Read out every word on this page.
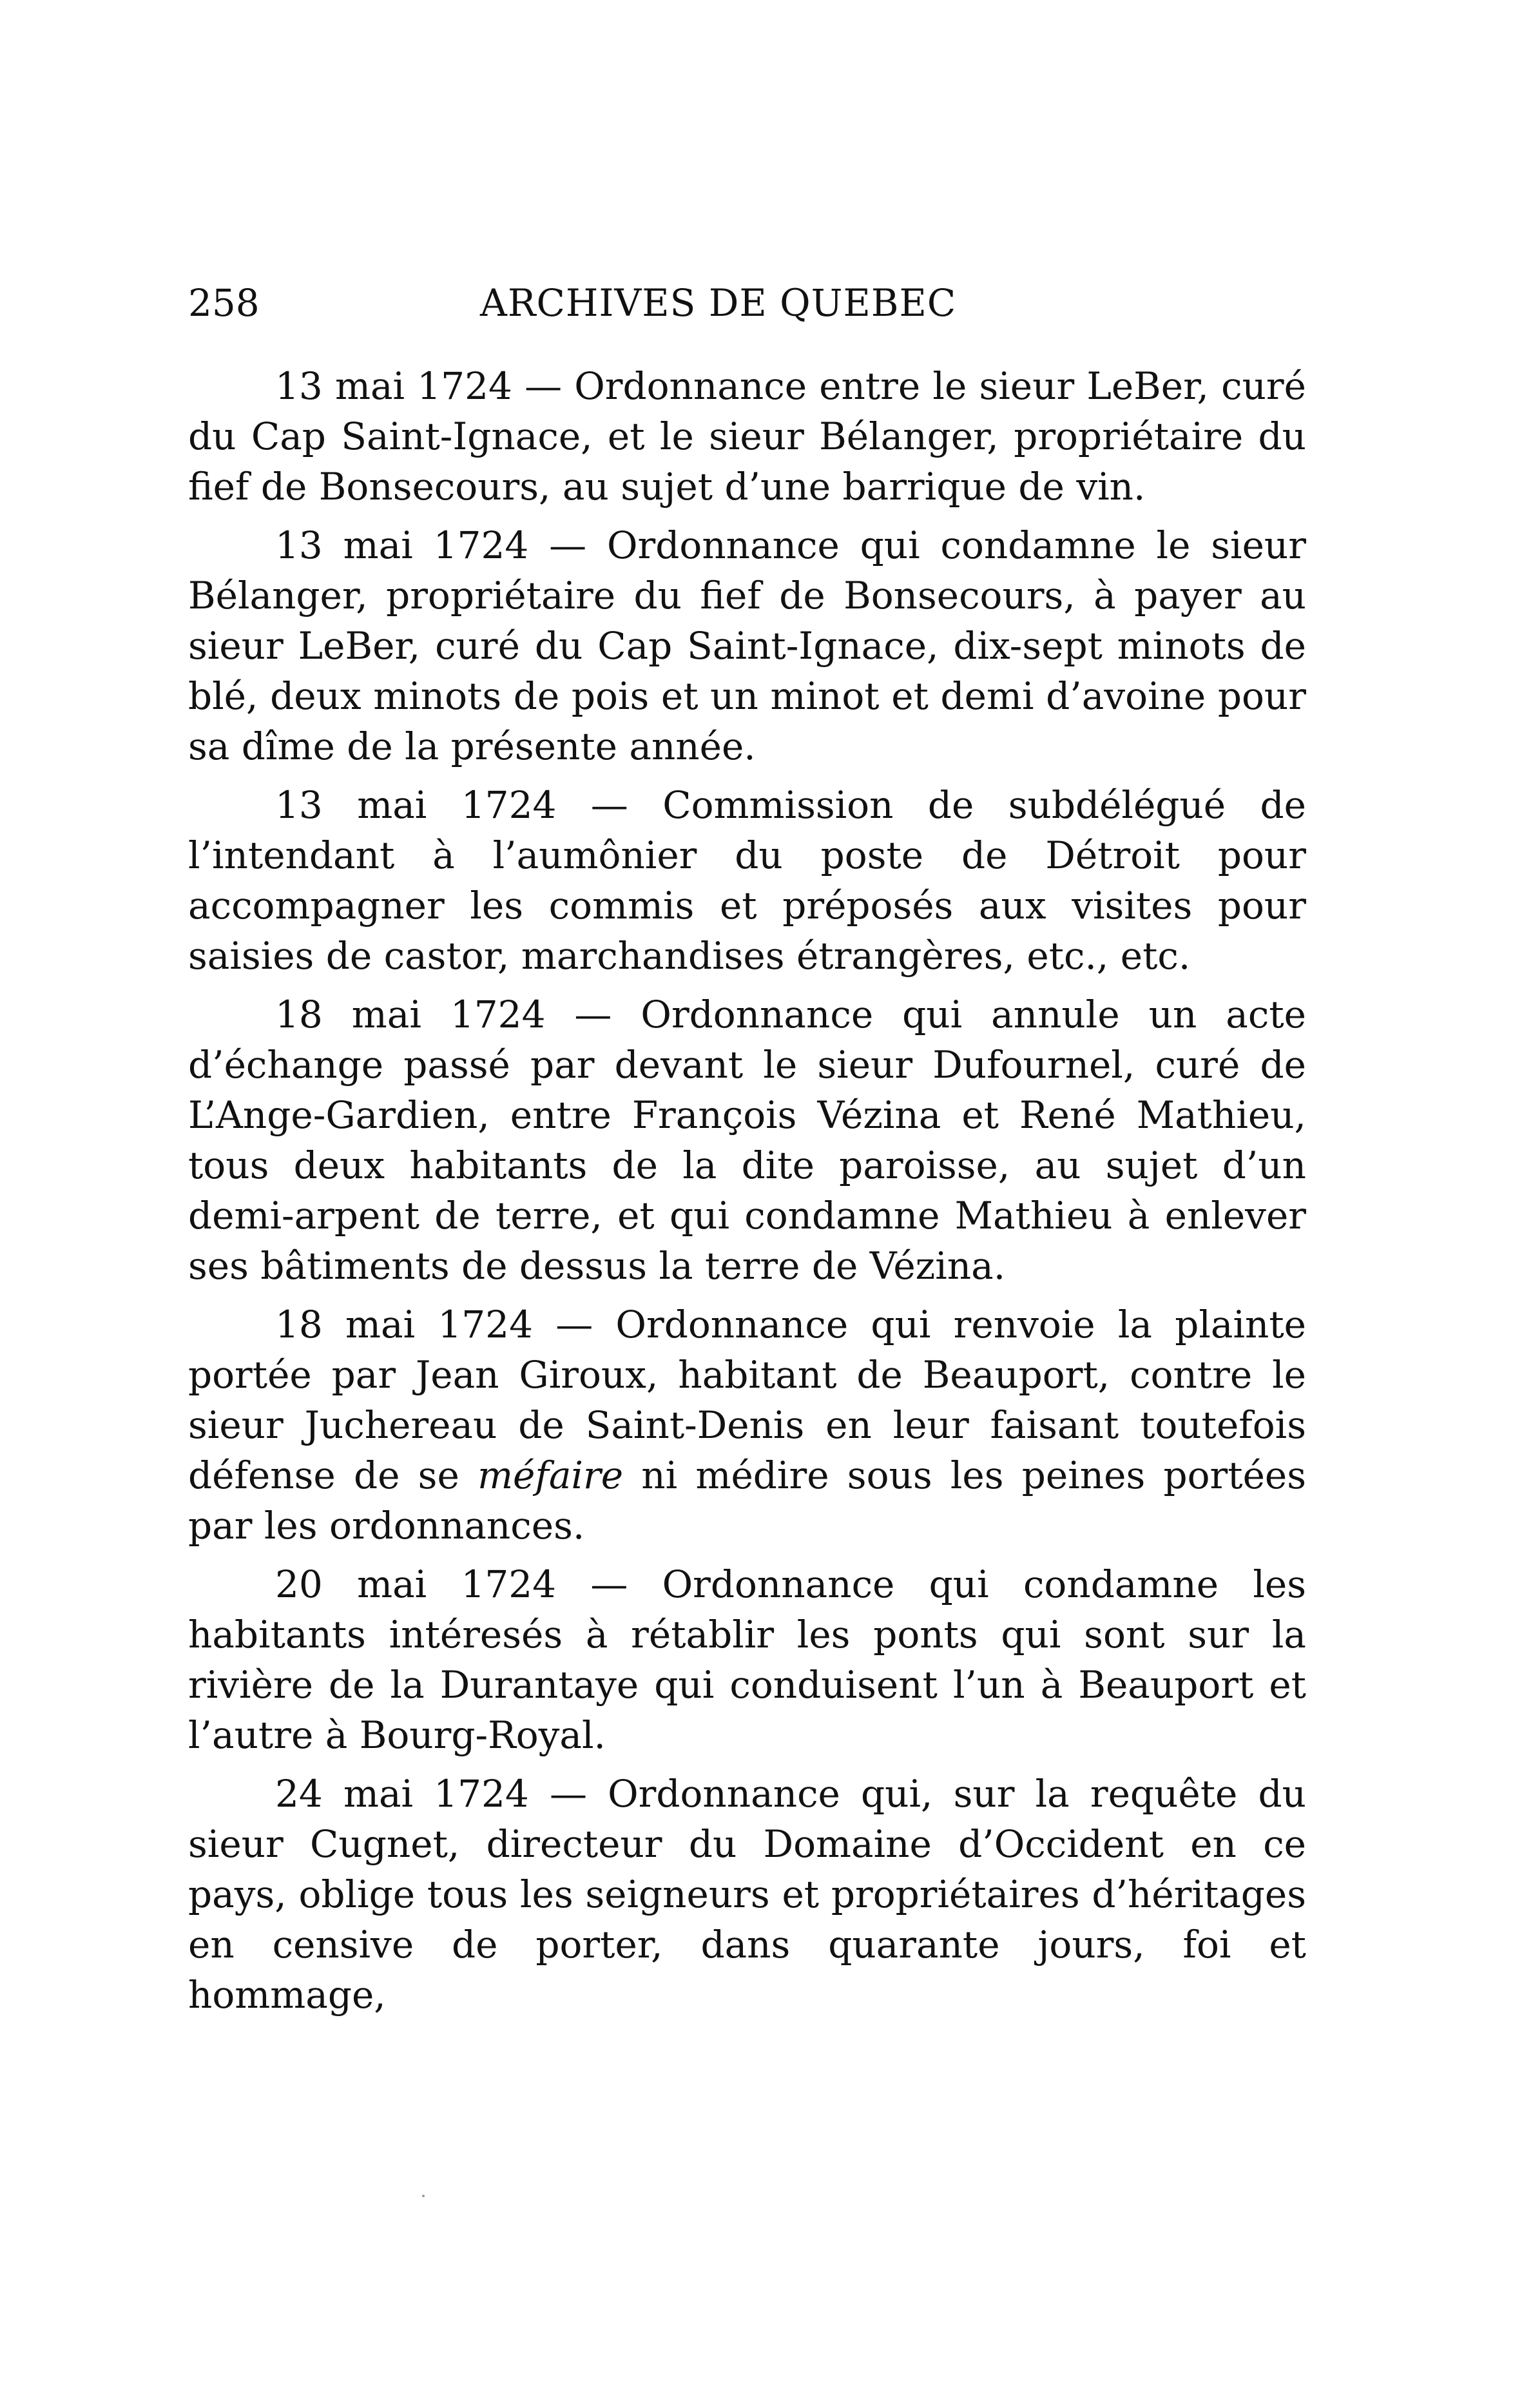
258	ARCHIVES DE QUEBEC

13 mai 1724 — Ordonnance entre le sieur LeBer, curé du Cap Saint-Ignace, et le sieur Bélanger, propriétaire du fief de Bonsecours, au sujet d’une barrique de vin.

13 mai 1724 — Ordonnance qui condamne le sieur Bélanger, propriétaire du fief de Bonsecours, à payer au sieur LeBer, curé du Cap Saint-Ignace, dix-sept minots de blé, deux minots de pois et un minot et demi d’avoine pour sa dîme de la présente année.

13 mai 1724 — Commission de subdélégué de l’intendant à l’aumônier du poste de Détroit pour accompagner les commis et préposés aux visites pour saisies de castor, marchandises étrangères, etc., etc.

18 mai 1724 — Ordonnance qui annule un acte d’échange passé par devant le sieur Dufournel, curé de L’Ange-Gardien, entre François Vézina et René Mathieu, tous deux habitants de la dite paroisse, au sujet d’un demi-arpent de terre, et qui condamne Mathieu à enlever ses bâtiments de dessus la terre de Vézina.

18 mai 1724 — Ordonnance qui renvoie la plainte portée par Jean Giroux, habitant de Beauport, contre le sieur Juchereau de Saint-Denis en leur faisant toutefois défense de se méfaire ni médire sous les peines portées par les ordonnances.

20 mai 1724 — Ordonnance qui condamne les habitants intéresés à rétablir les ponts qui sont sur la rivière de la Durantaye qui conduisent l’un à Beauport et l’autre à Bourg-Royal.

24 mai 1724 — Ordonnance qui, sur la requête du sieur Cugnet, directeur du Domaine d’Occident en ce pays, oblige tous les seigneurs et propriétaires d’héritages en censive de porter, dans quarante jours, foi et hommage,
